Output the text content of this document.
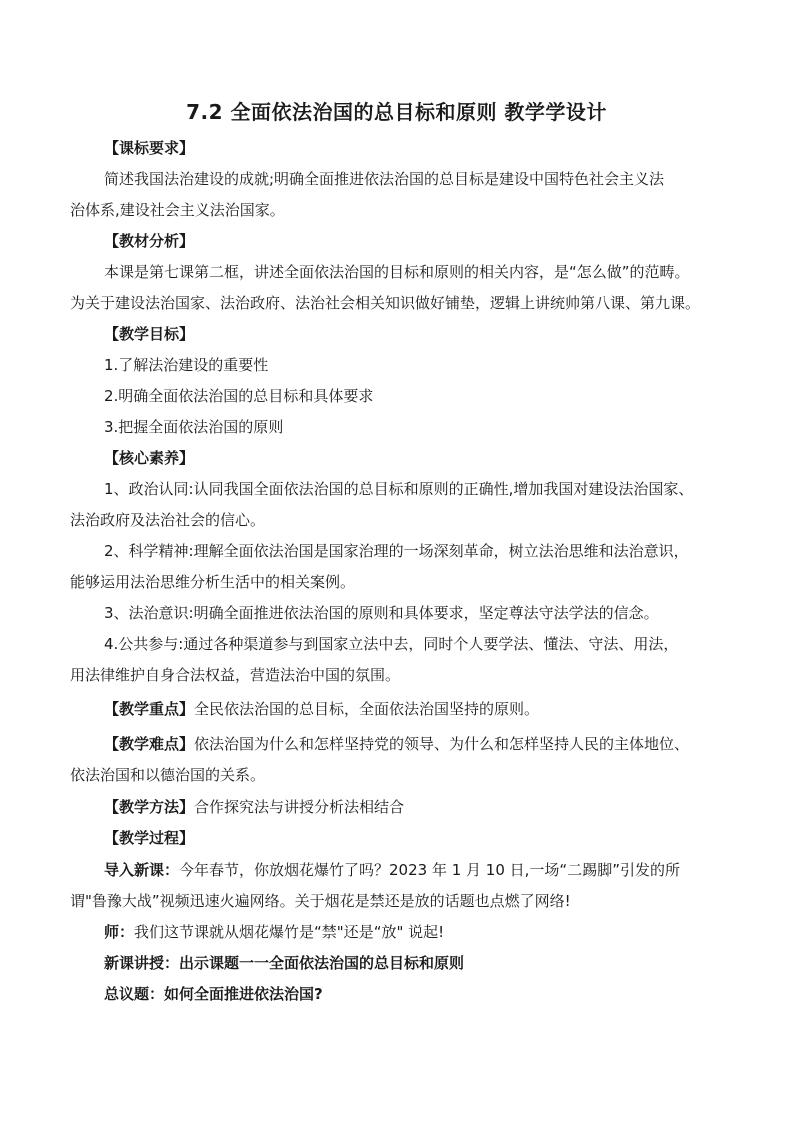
7.2 全面依法治国的总目标和原则 教学学设计
【课标要求】
简述我国法治建设的成就;明确全面推进依法治国的总目标是建设中国特色社会主义法
治体系,建设社会主义法治国家。
【教材分析】
本课是第七课第二框，讲述全面依法治国的目标和原则的相关内容，是“怎么做”的范畴。
为关于建设法治国家、法治政府、法治社会相关知识做好铺垫，逻辑上讲统帅第八课、第九课。
【教学目标】
1.了解法治建设的重要性
2.明确全面依法治国的总目标和具体要求
3.把握全面依法治国的原则
【核心素养】
1、政治认同:认同我国全面依法治国的总目标和原则的正确性,增加我国对建设法治国家、
法治政府及法治社会的信心。
2、科学精神:理解全面依法治国是国家治理的一场深刻革命，树立法治思维和法治意识，
能够运用法治思维分析生活中的相关案例。
3、法治意识:明确全面推进依法治国的原则和具体要求，坚定尊法守法学法的信念。
4.公共参与:通过各种渠道参与到国家立法中去，同时个人要学法、懂法、守法、用法，
用法律维护自身合法权益，营造法治中国的氛围。
【教学重点】全民依法治国的总目标，全面依法治国坚持的原则。
【教学难点】依法治国为什么和怎样坚持党的领导、为什么和怎样坚持人民的主体地位、
依法治国和以德治国的关系。
【教学方法】合作探究法与讲授分析法相结合
【教学过程】
导入新课：今年春节，你放烟花爆竹了吗？2023 年 1 月 10 日,一场“二踢脚”引发的所
谓"鲁豫大战”视频迅速火遍网络。关于烟花是禁还是放的话题也点燃了网络!
师：我们这节课就从烟花爆竹是“禁"还是“放" 说起!
新课讲授：出示课题一一全面依法治国的总目标和原则
总议题：如何全面推进依法治国?
